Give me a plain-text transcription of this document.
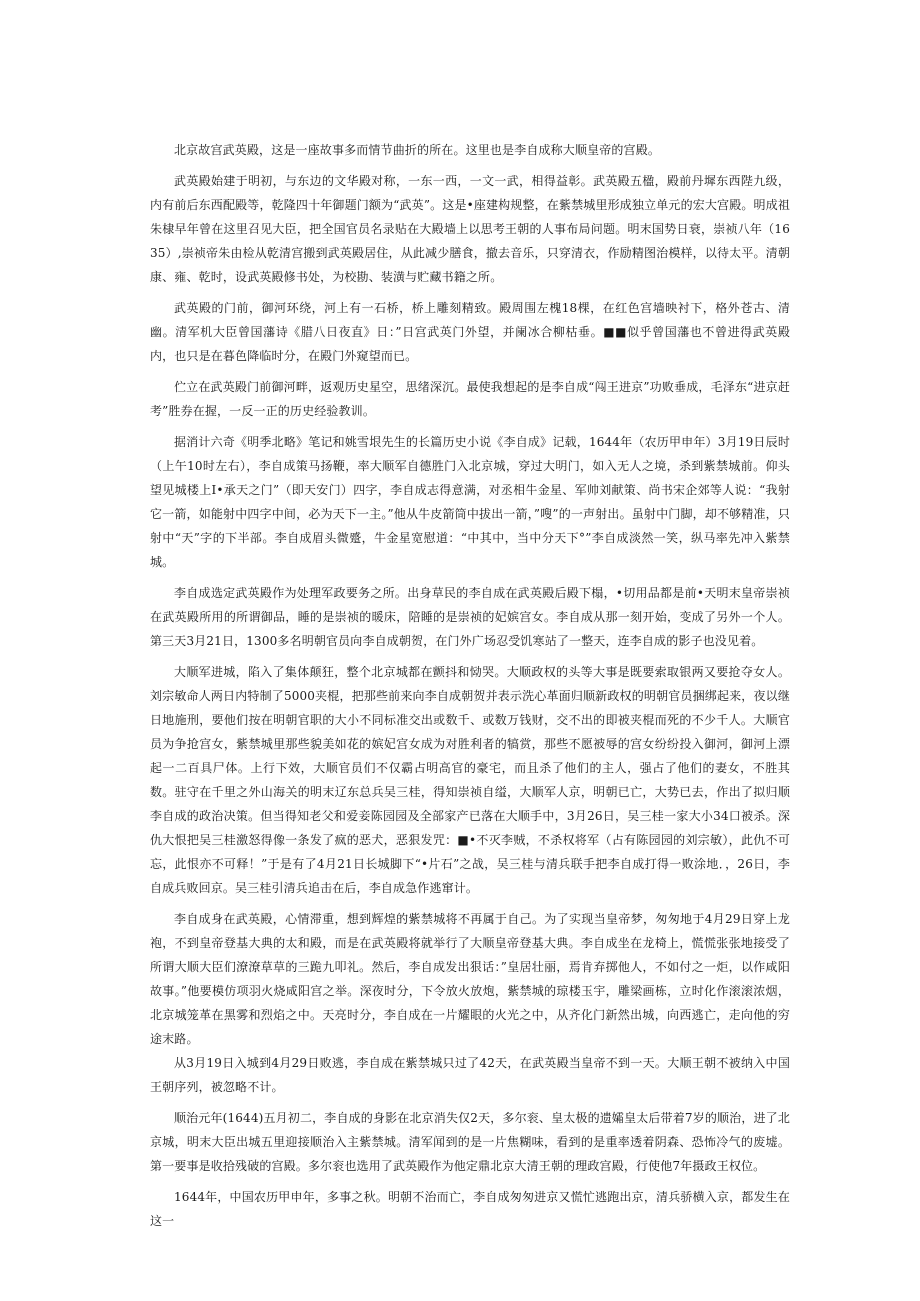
北京故宫武英殿，这是一座故事多而情节曲折的所在。这里也是李自成称大顺皇帝的宫殿。

武英殿始建于明初，与东边的文华殿对称，一东一西，一文一武，相得益彰。武英殿五楹，殿前丹墀东西陛九级，内有前后东西配殿等，乾隆四十年御题门额为“武英”。这是•座建构规整，在紫禁城里形成独立单元的宏大宫殿。明成祖朱棣早年曾在这里召见大臣，把全国官员名录贴在大殿墙上以思考王朝的人事布局问题。明末国势日衰，崇祯八年（1635）,崇祯帝朱由检从乾清宫搬到武英殿居住，从此减少膳食，撤去音乐，只穿清衣，作励精图治模样，以待太平。清朝康、雍、乾时，设武英殿修书处，为校勘、装潢与贮藏书籍之所。

武英殿的门前，御河环绕，河上有一石桥，桥上雕刻精致。殿周围左槐18棵，在红色宫墙映衬下，格外苍古、清幽。清军机大臣曾国藩诗《腊八日夜直》日：”日宫武英门外望，并阑冰合柳枯垂。■■似乎曾国藩也不曾进得武英殿内，也只是在暮色降临时分，在殿门外窥望而已。

伫立在武英殿门前御河畔，返观历史星空，思绪深沉。最使我想起的是李自成“闯王进京”功败垂成，毛泽东“进京赶考”胜券在握，一反一正的历史经验教训。

据消计六奇《明季北略》笔记和姚雪垠先生的长篇历史小说《李自成》记载，1644年（农历甲申年）3月19日辰时（上午10时左右），李自成策马扬鞭，率大顺军自德胜门入北京城，穿过大明门，如入无人之境，杀到紫禁城前。仰头望见城楼上I•承天之门”（即天安门）四字，李自成志得意满，对丞相牛金星、军帅刘献策、尚书宋企郊等人说：“我射它一箭，如能射中四字中间，必为天下一主。”他从牛皮箭筒中拔出一箭，”嗖”的一声射出。虽射中门脚，却不够精准，只射中“天”字的下半部。李自成眉头微蹙，牛金星宽慰道：“中其中，当中分天下°”李自成淡然一笑，纵马率先冲入紫禁城。

李自成选定武英殿作为处理军政要务之所。出身草民的李自成在武英殿后殿下榻，•切用品都是前•天明末皇帝崇祯在武英殿所用的所谓御品，睡的是崇祯的暖床，陪睡的是崇祯的妃嫔宫女。李自成从那一刻开始，变成了另外一个人。第三天3月21日，1300多名明朝官员向李自成朝贺，在门外广场忍受饥寒站了一整天，连李自成的影子也没见着。

大顺军进城，陷入了集体颠狂，整个北京城都在颤抖和恸哭。大顺政权的头等大事是既要索取银两又要抢夺女人。刘宗敏命人两日内特制了5000夹棍，把那些前来向李自成朝贺并表示洗心革面归顺新政权的明朝官员捆绑起来，夜以继日地施刑，要他们按在明朝官职的大小不同标准交出或数千、或数万钱财，交不出的即被夹棍而死的不少千人。大顺官员为争抢宫女，紫禁城里那些貌美如花的嫔妃宫女成为对胜利者的犒赏，那些不愿被辱的宫女纷纷投入御河，御河上漂起一二百具尸体。上行下效，大顺官员们不仅霸占明高官的豪宅，而且杀了他们的主人，强占了他们的妻女，不胜其数。驻守在千里之外山海关的明末辽东总兵吴三桂，得知崇祯自缢，大顺军人京，明朝已亡，大势已去，作出了拟归顺李自成的政治决策。但当得知老父和爱妾陈园园及全部家产已落在大顺手中，3月26日，吴三桂一家大小34口被杀。深仇大恨把吴三桂激怒得像一条发了疯的恶犬，恶狠发咒：■•不灭李贼，不杀权将军（占有陈园园的刘宗敏），此仇不可忘，此恨亦不可释！”于是有了4月21日长城脚下“•片石”之战，吴三桂与清兵联手把李自成打得一败涂地．，26日，李自成兵败回京。吴三桂引清兵追击在后，李自成急作逃窜计。

李自成身在武英殿，心情滞重，想到辉煌的紫禁城将不再属于自己。为了实现当皇帝梦，匆匆地于4月29日穿上龙袍，不到皇帝登基大典的太和殿，而是在武英殿将就举行了大顺皇帝登基大典。李自成坐在龙椅上，慌慌张张地接受了所谓大顺大臣们潦潦草草的三跪九叩礼。然后，李自成发出狠话：”皇居壮丽，焉肯弃掷他人，不如付之一炬，以作咸阳故事。”他要模仿项羽火烧咸阳宫之举。深夜时分，下令放火放炮，紫禁城的琼楼玉宇，雕梁画栋，立时化作滚滚浓烟，北京城笼革在黑雾和烈焰之中。天亮时分，李自成在一片耀眼的火光之中，从齐化门新然出城，向西逃亡，走向他的穷途末路。

从3月19日入城到4月29日败逃，李自成在紫禁城只过了42天，在武英殿当皇帝不到一天。大顺王朝不被纳入中国王朝序列，被忽略不计。

顺治元年(1644)五月初二，李自成的身影在北京消失仅2天，多尔衮、皇太极的遗孀皇太后带着7岁的顺治，进了北京城，明末大臣出城五里迎接顺治入主紫禁城。清军闻到的是一片焦糊味，看到的是重率透着阴森、恐怖冷气的废墟。第一要事是收拾残破的宫殿。多尔衮也选用了武英殿作为他定鼎北京大清王朝的理政宫殿，行使他7年摄政王权位。

1644年，中国农历甲申年，多事之秋。明朝不治而亡，李自成匆匆进京又慌忙逃跑出京，清兵骄横入京，都发生在这一
